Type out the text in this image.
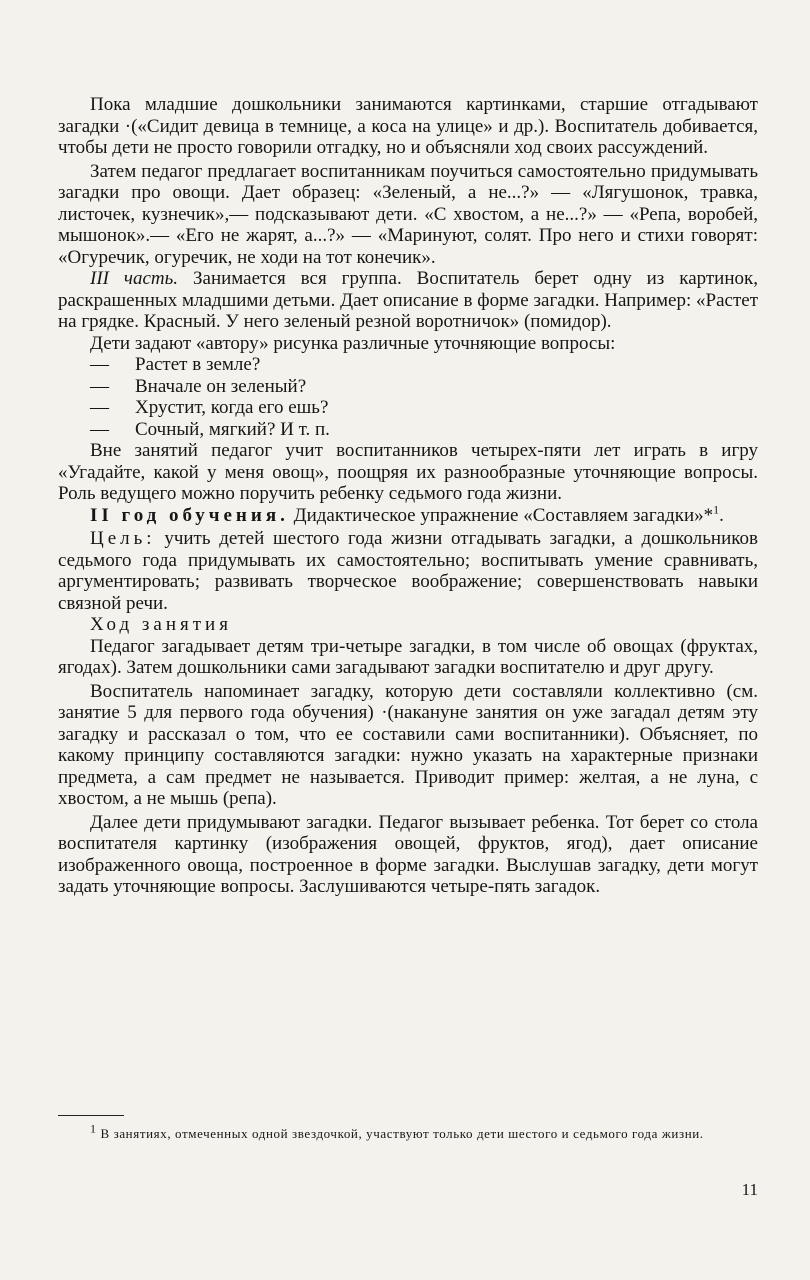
Пока младшие дошкольники занимаются картинками, старшие отгадывают загадки ·(«Сидит девица в темнице, а коса на улице» и др.). Воспитатель добивается, чтобы дети не просто говорили отгадку, но и объясняли ход своих рассуждений.

Затем педагог предлагает воспитанникам поучиться самостоятельно придумывать загадки про овощи. Дает образец: «Зеленый, а не...?» — «Лягушонок, травка, листочек, кузнечик»,— подсказывают дети. «С хвостом, а не...?» — «Репа, воробей, мышонок».— «Его не жарят, а...?» — «Маринуют, солят. Про него и стихи говорят: «Огуречик, огуречик, не ходи на тот конечик».

III часть. Занимается вся группа. Воспитатель берет одну из картинок, раскрашенных младшими детьми. Дает описание в форме загадки. Например: «Растет на грядке. Красный. У него зеленый резной воротничок» (помидор).

Дети задают «автору» рисунка различные уточняющие вопросы:

— Растет в земле?
— Вначале он зеленый?
— Хрустит, когда его ешь?
— Сочный, мягкий? И т. п.

Вне занятий педагог учит воспитанников четырех-пяти лет играть в игру «Угадайте, какой у меня овощ», поощряя их разнообразные уточняющие вопросы. Роль ведущего можно поручить ребенку седьмого года жизни.

II год обучения. Дидактическое упражнение «Составляем загадки»*$^1$.

Цель: учить детей шестого года жизни отгадывать загадки, а дошкольников седьмого года придумывать их самостоятельно; воспитывать умение сравнивать, аргументировать; развивать творческое воображение; совершенствовать навыки связной речи.

Ход занятия

Педагог загадывает детям три-четыре загадки, в том числе об овощах (фруктах, ягодах). Затем дошкольники сами загадывают загадки воспитателю и друг другу.

Воспитатель напоминает загадку, которую дети составляли коллективно (см. занятие 5 для первого года обучения) ·(накануне занятия он уже загадал детям эту загадку и рассказал о том, что ее составили сами воспитанники). Объясняет, по какому принципу составляются загадки: нужно указать на характерные признаки предмета, а сам предмет не называется. Приводит пример: желтая, а не луна, с хвостом, а не мышь (репа).

Далее дети придумывают загадки. Педагог вызывает ребенка. Тот берет со стола воспитателя картинку (изображения овощей, фруктов, ягод), дает описание изображенного овоща, построенное в форме загадки. Выслушав загадку, дети могут задать уточняющие вопросы. Заслушиваются четыре-пять загадок.

$^1$ В занятиях, отмеченных одной звездочкой, участвуют только дети шестого и седьмого года жизни.
11
